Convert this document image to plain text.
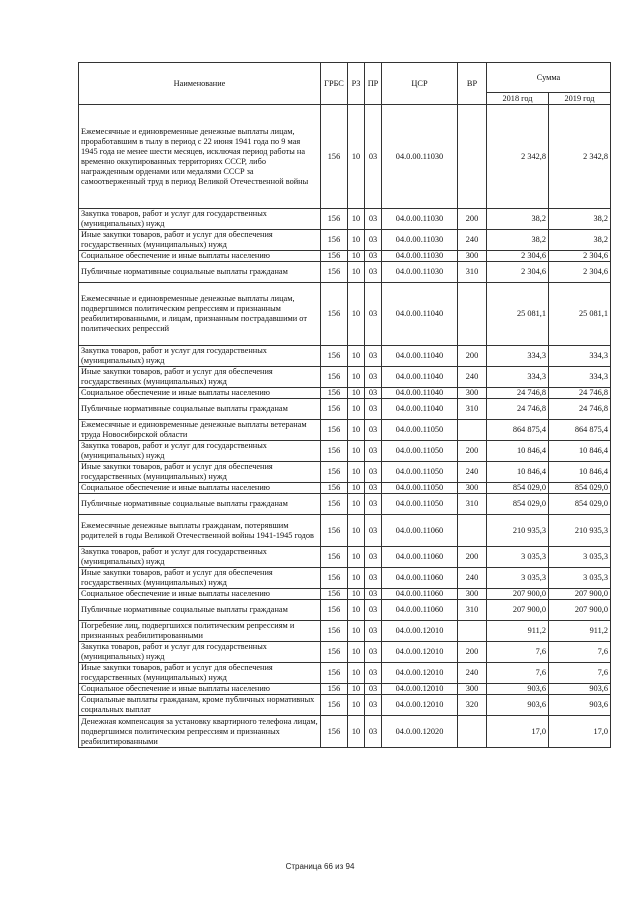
Наименование	ГРБС	РЗ	ПР	ЦСР	ВР	Сумма	
						2018 год	2019 год
Ежемесячные и единовременные денежные выплаты лицам, проработавшим в тылу в период с 22 июня 1941 года по 9 мая 1945 года не менее шести месяцев, исключая период работы на временно оккупированных территориях СССР, либо награжденным орденами или медалями СССР за самоотверженный труд в период Великой Отечественной войны	156	10	03	04.0.00.11030		2 342,8	2 342,8
Закупка товаров, работ и услуг для государственных (муниципальных) нужд	156	10	03	04.0.00.11030	200	38,2	38,2
Иные закупки товаров, работ и услуг для обеспечения государственных (муниципальных) нужд	156	10	03	04.0.00.11030	240	38,2	38,2
Социальное обеспечение и иные выплаты населению	156	10	03	04.0.00.11030	300	2 304,6	2 304,6
Публичные нормативные социальные выплаты гражданам	156	10	03	04.0.00.11030	310	2 304,6	2 304,6
Ежемесячные и единовременные денежные выплаты лицам, подвергшимся политическим репрессиям и признанным реабилитированными, и лицам, признанным пострадавшими от политических репрессий	156	10	03	04.0.00.11040		25 081,1	25 081,1
Закупка товаров, работ и услуг для государственных (муниципальных) нужд	156	10	03	04.0.00.11040	200	334,3	334,3
Иные закупки товаров, работ и услуг для обеспечения государственных (муниципальных) нужд	156	10	03	04.0.00.11040	240	334,3	334,3
Социальное обеспечение и иные выплаты населению	156	10	03	04.0.00.11040	300	24 746,8	24 746,8
Публичные нормативные социальные выплаты гражданам	156	10	03	04.0.00.11040	310	24 746,8	24 746,8
Ежемесячные и единовременные денежные выплаты ветеранам труда Новосибирской области	156	10	03	04.0.00.11050		864 875,4	864 875,4
Закупка товаров, работ и услуг для государственных (муниципальных) нужд	156	10	03	04.0.00.11050	200	10 846,4	10 846,4
Иные закупки товаров, работ и услуг для обеспечения государственных (муниципальных) нужд	156	10	03	04.0.00.11050	240	10 846,4	10 846,4
Социальное обеспечение и иные выплаты населению	156	10	03	04.0.00.11050	300	854 029,0	854 029,0
Публичные нормативные социальные выплаты гражданам	156	10	03	04.0.00.11050	310	854 029,0	854 029,0
Ежемесячные денежные выплаты гражданам, потерявшим родителей в годы Великой Отечественной войны 1941-1945 годов	156	10	03	04.0.00.11060		210 935,3	210 935,3
Закупка товаров, работ и услуг для государственных (муниципальных) нужд	156	10	03	04.0.00.11060	200	3 035,3	3 035,3
Иные закупки товаров, работ и услуг для обеспечения государственных (муниципальных) нужд	156	10	03	04.0.00.11060	240	3 035,3	3 035,3
Социальное обеспечение и иные выплаты населению	156	10	03	04.0.00.11060	300	207 900,0	207 900,0
Публичные нормативные социальные выплаты гражданам	156	10	03	04.0.00.11060	310	207 900,0	207 900,0
Погребение лиц, подвергшихся политическим репрессиям и признанных реабилитированными	156	10	03	04.0.00.12010		911,2	911,2
Закупка товаров, работ и услуг для государственных (муниципальных) нужд	156	10	03	04.0.00.12010	200	7,6	7,6
Иные закупки товаров, работ и услуг для обеспечения государственных (муниципальных) нужд	156	10	03	04.0.00.12010	240	7,6	7,6
Социальное обеспечение и иные выплаты населению	156	10	03	04.0.00.12010	300	903,6	903,6
Социальные выплаты гражданам, кроме публичных нормативных социальных выплат	156	10	03	04.0.00.12010	320	903,6	903,6
Денежная компенсация за установку квартирного телефона лицам, подвергшимся политическим репрессиям и признанных реабилитированными	156	10	03	04.0.00.12020		17,0	17,0
Страница 66 из 94
